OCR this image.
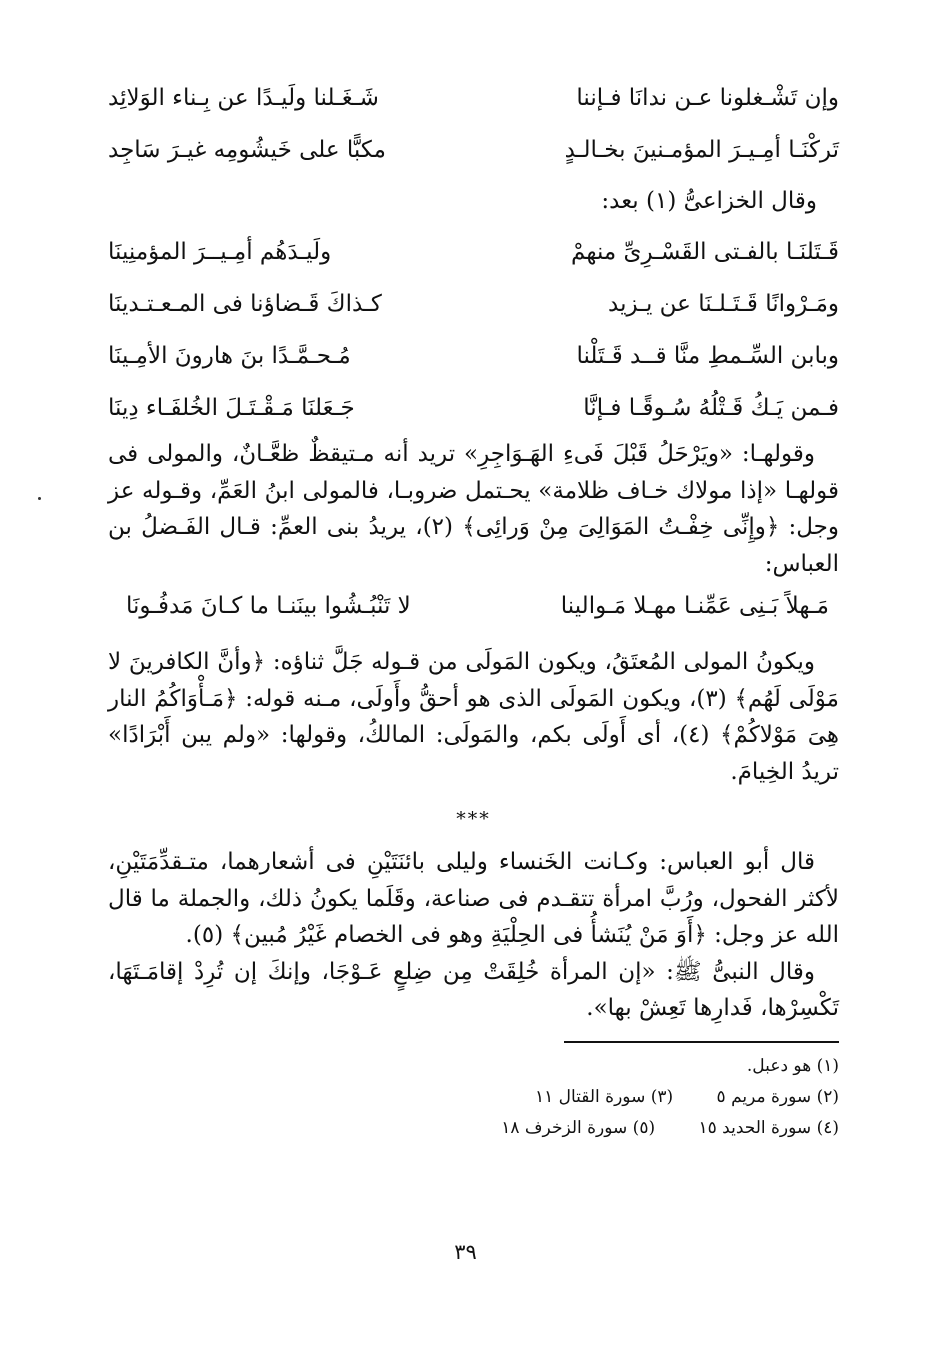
وإن تَشْـغلونا عـن ندانَا فـإننا
شَـغَـلنا ولَيـدًا عن بِـناء الوَلائِد
تَركْنَـا أمِـيـرَ المؤمـنينَ بخـالـدٍ
مكبًّا على خَيشُومِه غيـرَ سَاجِد
وقال الخزاعىُّ (١) بعد:
قَـتَلنَـا بالفـتى القَسْـرِىِّ منهمْ
ولَيـدَهُم أمِـيــرَ المؤمنِينَا
ومَـرْوانًا قَـتَـلـنَا عن يـزيد
كـذاكَ قَـضاؤنا فى المـعـتـدينَا
وبابن السِّـمطِ منَّا قــد قَـتَلْنا
مُـحـمَّـدًا بنَ هارونَ الأمِـينَا
فـمن يَـكُ قَـتْلُهُ سُـوقًـا فـإنَّا
جَـعَلنَا مَـقْـتَـلَ الخُلفَـاء دِينَا

وقولهـا: «ويَرْحَلُ قَبْلَ فَىءِ الهَـوَاجِرِ» تريد أنه مـتيقظٌ ظعَّـانٌ، والمولى فى قولهـا «إذا مولاك خـاف ظلامة» يحـتمل ضروبـا، فالمولى ابنُ العَمِّ، وقـوله عز وجل: ﴿وإِنِّى خِفْـتُ المَوَالِىَ مِنْ وَرائِى﴾ (٢)، يريدُ بنى العمِّ: قـال الفَـضلُ بن العباس:

مَـهلاً بَـنِى عَمِّنـا مهـلا مَـوالينا
لا تَنْبُـشُوا بينَنـا ما كـانَ مَدفُـونَا

ويكونُ المولى المُعتَقُ، ويكون المَولَى من قـوله جَلَّ ثناؤه: ﴿وأنَّ الكافرينَ لا مَوْلَى لَهُم﴾ (٣)، ويكون المَولَى الذى هو أحقُّ وأَولَى، مـنه قوله: ﴿مَـأْوَاكُمُ النار هِىَ مَوْلاكُمْ﴾ (٤)، أى أَولَى بكم، والمَولَى: المالكُ، وقولها: «ولم يبن أَبْرَادًا» تريدُ الخِيامَ.

***

قال أبو العباس: وكـانت الخَنساء وليلى بائنَتَيْنِ فى أشعارهما، متـقدِّمَتَيْنِ، لأكثر الفحول، ورُبَّ امرأة تتقـدم فى صناعة، وقَلَما يكونُ ذلك، والجملة ما قال الله عز وجل: ﴿أَوَ مَنْ يُنَشأُ فى الحِلْيَةِ وهو فى الخصام غَيْرُ مُبين﴾ (٥).

وقال النبىُّ ﷺ: «إن المرأة خُلِقَتْ مِن ضِلعٍ عَـوْجَا، وإنكَ إن تُرِدْ إقامَـتَهَا، تَكْسِرْها، فَدارِها تَعِشْ بها».

(١) هو دعبل.
(٢) سورة مريم ٥ (٣) سورة القتال ١١
(٤) سورة الحديد ١٥ (٥) سورة الزخرف ١٨
٣٩
